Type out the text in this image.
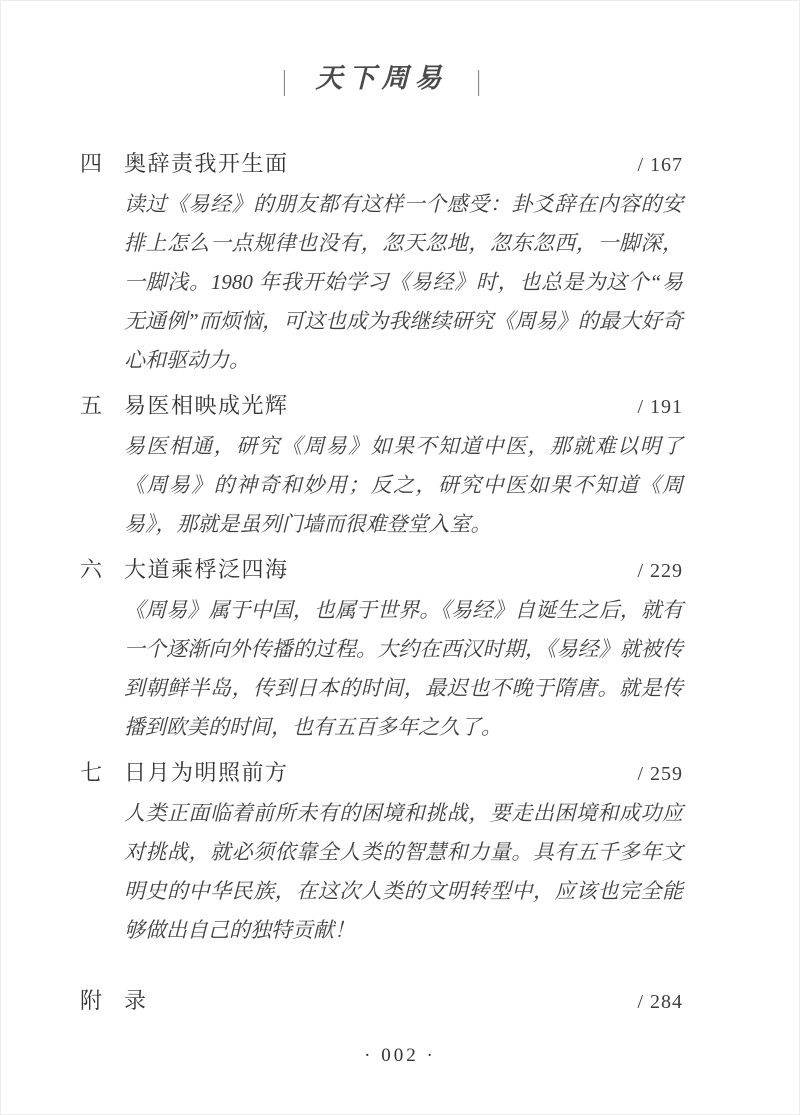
| 天下周易 |
四 奥辞责我开生面	/ 167

读过《易经》的朋友都有这样一个感受：卦爻辞在内容的安排上怎么一点规律也没有，忽天忽地，忽东忽西，一脚深，一脚浅。1980 年我开始学习《易经》时，也总是为这个“易无通例”而烦恼，可这也成为我继续研究《周易》的最大好奇心和驱动力。

五 易医相映成光辉	/ 191

易医相通，研究《周易》如果不知道中医，那就难以明了《周易》的神奇和妙用；反之，研究中医如果不知道《周易》，那就是虽列门墙而很难登堂入室。

六 大道乘桴泛四海	/ 229

《周易》属于中国，也属于世界。《易经》自诞生之后，就有一个逐渐向外传播的过程。大约在西汉时期，《易经》就被传到朝鲜半岛，传到日本的时间，最迟也不晚于隋唐。就是传播到欧美的时间，也有五百多年之久了。

七 日月为明照前方	/ 259

人类正面临着前所未有的困境和挑战，要走出困境和成功应对挑战，就必须依靠全人类的智慧和力量。具有五千多年文明史的中华民族，在这次人类的文明转型中，应该也完全能够做出自己的独特贡献！

附 录	/ 284
· 002 ·
